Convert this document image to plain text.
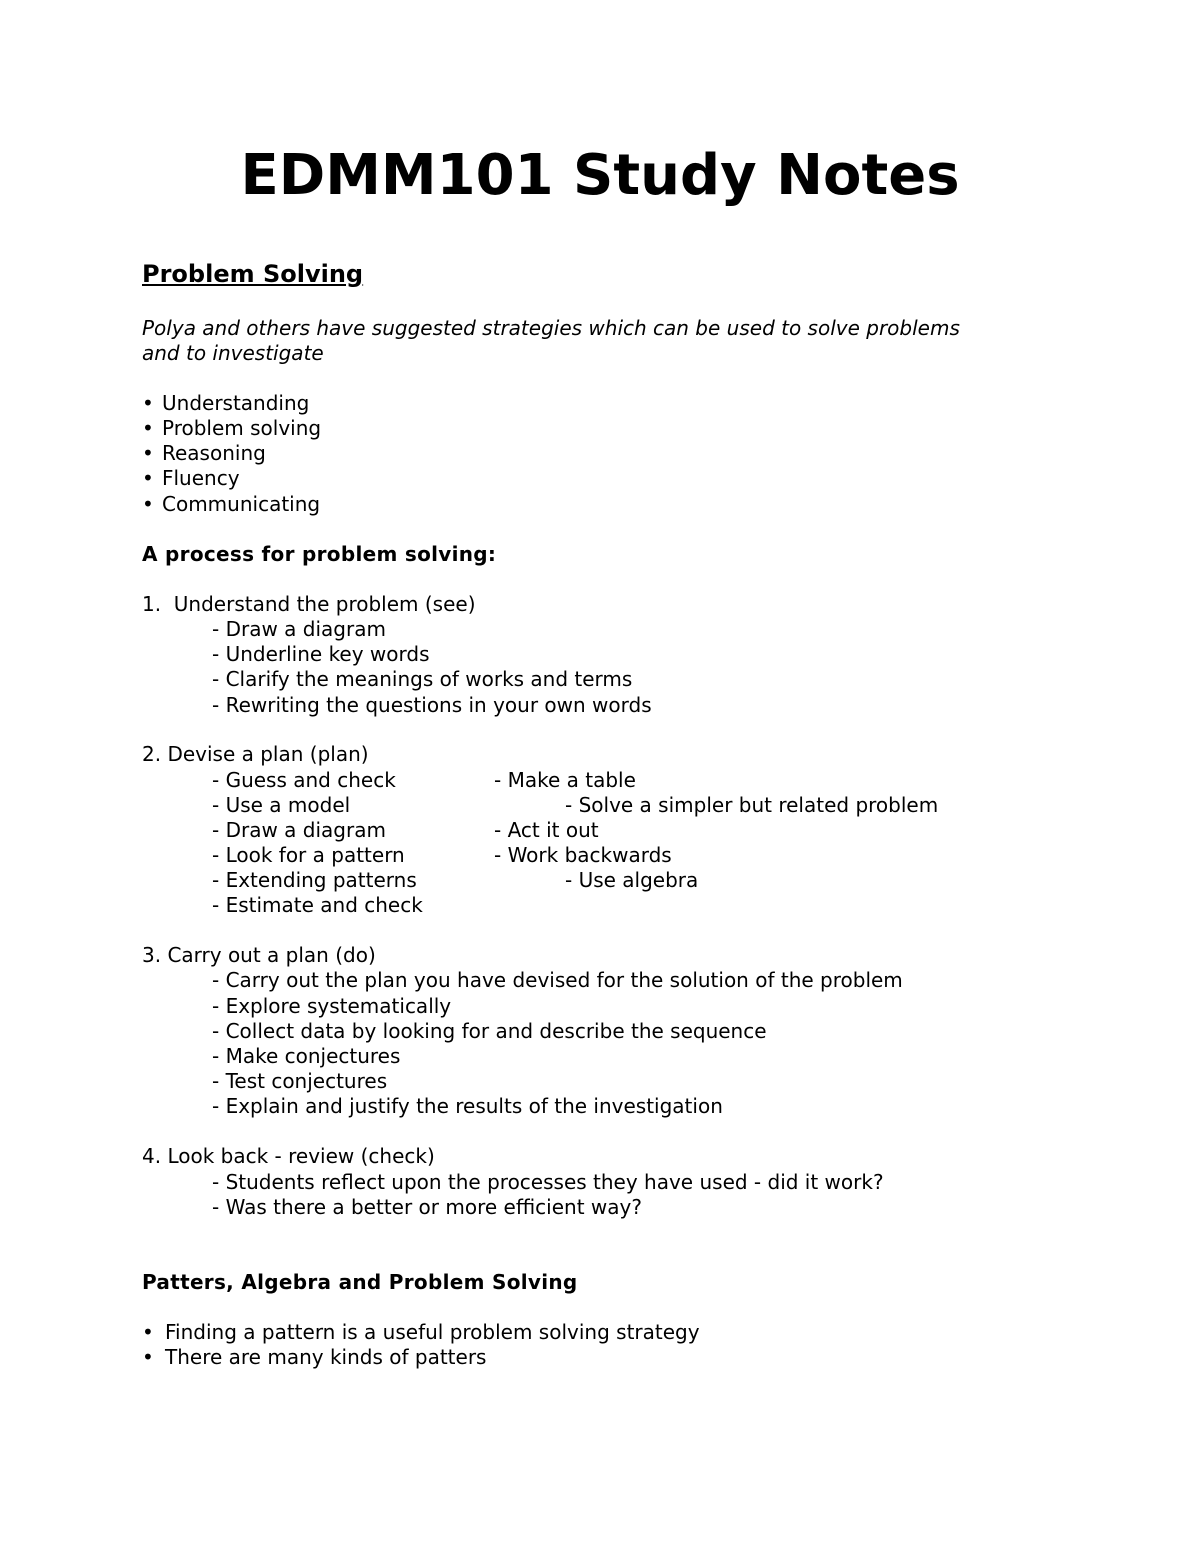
EDMM101 Study Notes
Problem Solving
Polya and others have suggested strategies which can be used to solve problems
and to investigate
• Understanding
• Problem solving
• Reasoning
• Fluency
• Communicating
A process for problem solving:
1.  Understand the problem (see)
- Draw a diagram
- Underline key words
- Clarify the meanings of works and terms
- Rewriting the questions in your own words
2. Devise a plan (plan)
- Guess and check	- Make a table
- Use a model	- Solve a simpler but related problem
- Draw a diagram	- Act it out
- Look for a pattern	- Work backwards
- Extending patterns	- Use algebra
- Estimate and check
3. Carry out a plan (do)
- Carry out the plan you have devised for the solution of the problem
- Explore systematically
- Collect data by looking for and describe the sequence
- Make conjectures
- Test conjectures
- Explain and justify the results of the investigation
4. Look back - review (check)
- Students reflect upon the processes they have used - did it work?
- Was there a better or more efficient way?
Patters, Algebra and Problem Solving
• Finding a pattern is a useful problem solving strategy
• There are many kinds of patters
